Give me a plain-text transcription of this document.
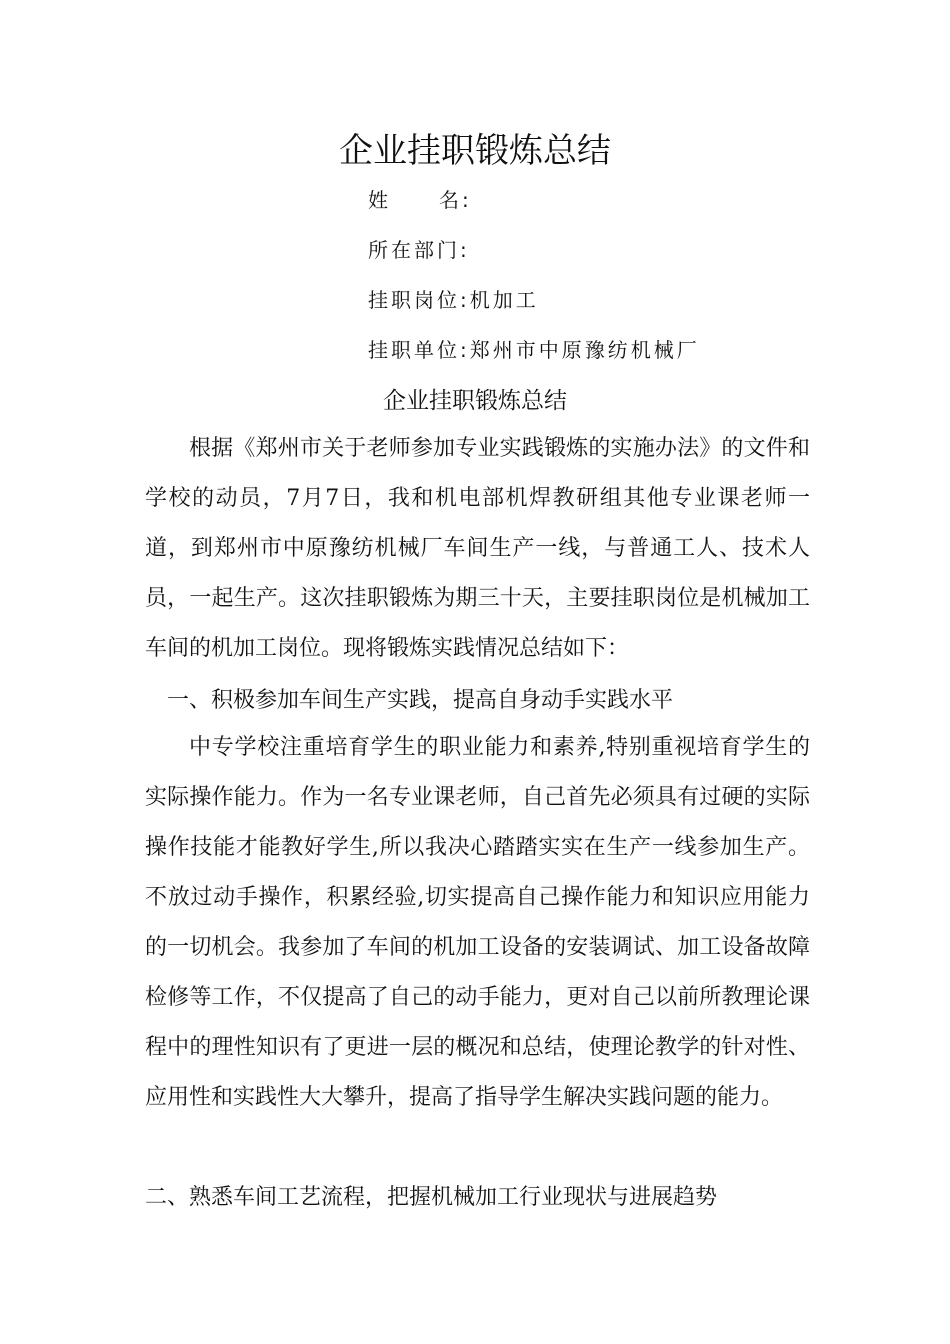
企业挂职锻炼总结
姓 名:
所在部门:
挂职岗位:机加工
挂职单位:郑州市中原豫纺机械厂
企业挂职锻炼总结

根据《郑州市关于老师参加专业实践锻炼的实施办法》的文件和学校的动员，7月7日，我和机电部机焊教研组其他专业课老师一道，到郑州市中原豫纺机械厂车间生产一线，与普通工人、技术人员，一起生产。这次挂职锻炼为期三十天，主要挂职岗位是机械加工车间的机加工岗位。现将锻炼实践情况总结如下：

一、积极参加车间生产实践，提高自身动手实践水平

中专学校注重培育学生的职业能力和素养,特别重视培育学生的实际操作能力。作为一名专业课老师，自己首先必须具有过硬的实际操作技能才能教好学生,所以我决心踏踏实实在生产一线参加生产。不放过动手操作，积累经验,切实提高自己操作能力和知识应用能力的一切机会。我参加了车间的机加工设备的安装调试、加工设备故障检修等工作，不仅提高了自己的动手能力，更对自己以前所教理论课程中的理性知识有了更进一层的概况和总结，使理论教学的针对性、应用性和实践性大大攀升，提高了指导学生解决实践问题的能力。

二、熟悉车间工艺流程，把握机械加工行业现状与进展趋势
